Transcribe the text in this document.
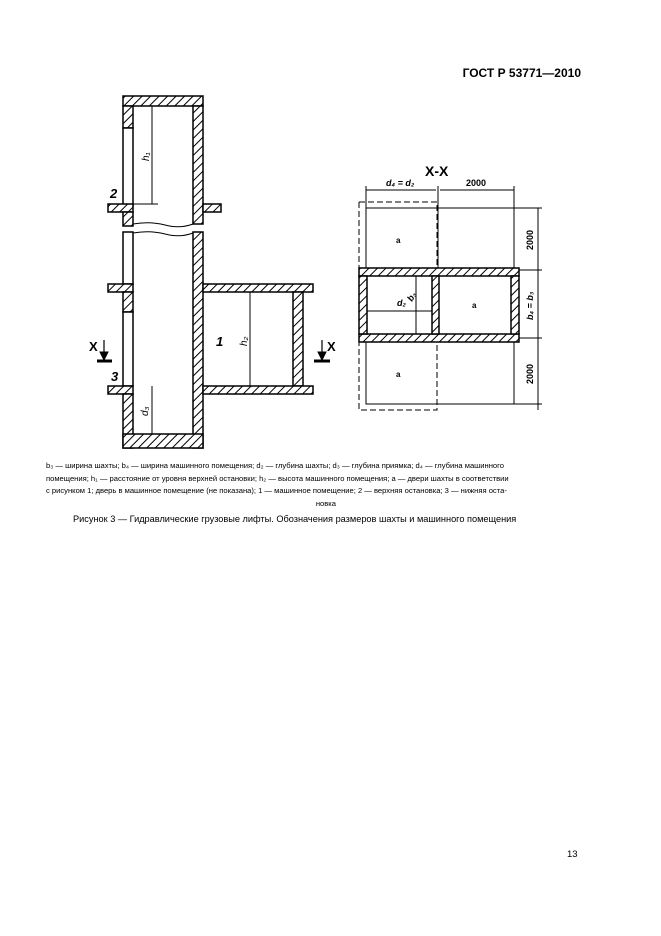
ГОСТ Р 53771—2010
h₁
h₂
d₃
2
1
3
X	X
X-X
d₄ = d₂	2000
2000
b₄ = b₃
2000
a
a
a
d₂ b₃
b₃ — ширина шахты; b₄ — ширина машинного помещения; d₂ — глубина шахты; d₃ — глубина приямка; d₄ — глубина машинного
помещения; h₁ — расстояние от уровня верхней остановки; h₂ — высота машинного помещения; a — двери шахты в соответствии
с рисунком 1; дверь в машинное помещение (не показана); 1 — машинное помещение; 2 — верхняя остановка; 3 — нижняя оста-
новка
Рисунок 3 — Гидравлические грузовые лифты. Обозначения размеров шахты и машинного помещения
13
